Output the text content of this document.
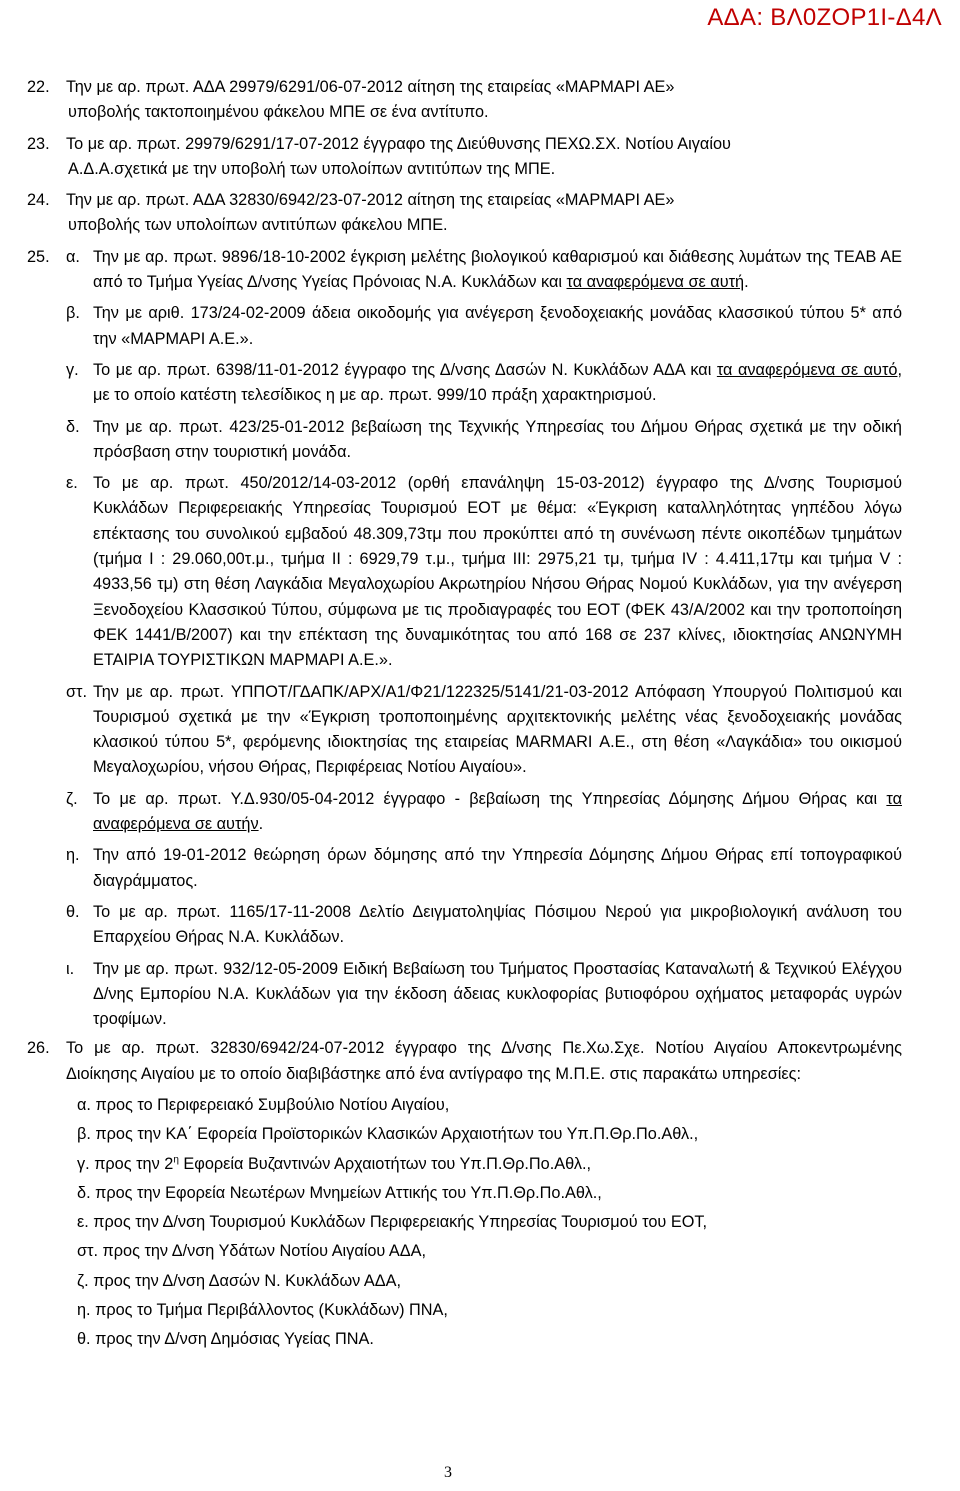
ΑΔΑ: ΒΛ0ΖΟΡ1Ι-Δ4Λ
22. Την με αρ. πρωτ. ΑΔΑ 29979/6291/06-07-2012 αίτηση της εταιρείας «ΜΑΡΜΑΡΙ ΑΕ»
υποβολής τακτοποιημένου φάκελου ΜΠΕ σε ένα αντίτυπο.
23. Το με αρ. πρωτ. 29979/6291/17-07-2012 έγγραφο της Διεύθυνσης ΠΕΧΩ.ΣΧ. Νοτίου Αιγαίου
Α.Δ.Α.σχετικά με την υποβολή των υπολοίπων αντιτύπων της ΜΠΕ.
24. Την με αρ. πρωτ. ΑΔΑ 32830/6942/23-07-2012 αίτηση της εταιρείας «ΜΑΡΜΑΡΙ ΑΕ»
υποβολής των υπολοίπων αντιτύπων φάκελου ΜΠΕ.
25.	α. Την με αρ. πρωτ. 9896/18-10-2002 έγκριση μελέτης βιολογικού καθαρισμού και διάθεσης λυμάτων της ΤΕΑΒ ΑΕ από το Τμήμα Υγείας Δ/νσης Υγείας Πρόνοιας Ν.Α. Κυκλάδων και τα αναφερόμενα σε αυτή.
β. Την με αριθ. 173/24-02-2009 άδεια οικοδομής για ανέγερση ξενοδοχειακής μονάδας κλασσικού τύπου 5* από την «ΜΑΡΜΑΡΙ Α.Ε.».
γ. Το με αρ. πρωτ. 6398/11-01-2012 έγγραφο της Δ/νσης Δασών Ν. Κυκλάδων ΑΔΑ και τα αναφερόμενα σε αυτό, με το οποίο κατέστη τελεσίδικος η με αρ. πρωτ. 999/10 πράξη χαρακτηρισμού.
δ. Την με αρ. πρωτ. 423/25-01-2012 βεβαίωση της Τεχνικής Υπηρεσίας του Δήμου Θήρας σχετικά με την οδική πρόσβαση στην τουριστική μονάδα.
ε. Το με αρ. πρωτ. 450/2012/14-03-2012 (ορθή επανάληψη 15-03-2012) έγγραφο της Δ/νσης Τουρισμού Κυκλάδων Περιφερειακής Υπηρεσίας Τουρισμού ΕΟΤ με θέμα: «Έγκριση καταλληλότητας γηπέδου λόγω επέκτασης του συνολικού εμβαδού 48.309,73τμ που προκύπτει από τη συνένωση πέντε οικοπέδων τμημάτων (τμήμα Ι : 29.060,00τ.μ., τμήμα ΙΙ : 6929,79 τ.μ., τμήμα ΙΙΙ: 2975,21 τμ, τμήμα IV : 4.411,17τμ και τμήμα V : 4933,56 τμ) στη θέση Λαγκάδια Μεγαλοχωρίου Ακρωτηρίου Νήσου Θήρας Νομού Κυκλάδων, για την ανέγερση Ξενοδοχείου Κλασσικού Τύπου, σύμφωνα με τις προδιαγραφές του ΕΟΤ (ΦΕΚ 43/Α/2002 και την τροποποίηση ΦΕΚ 1441/Β/2007) και την επέκταση της δυναμικότητας του από 168 σε 237 κλίνες, ιδιοκτησίας ΑΝΩΝΥΜΗ ΕΤΑΙΡΙΑ ΤΟΥΡΙΣΤΙΚΩΝ ΜΑΡΜΑΡΙ Α.Ε.».
στ. Την με αρ. πρωτ. ΥΠΠΟΤ/ΓΔΑΠΚ/ΑΡΧ/Α1/Φ21/122325/5141/21-03-2012 Απόφαση Υπουργού Πολιτισμού και Τουρισμού σχετικά με την «Έγκριση τροποποιημένης αρχιτεκτονικής μελέτης νέας ξενοδοχειακής μονάδας κλασικού τύπου 5*, φερόμενης ιδιοκτησίας της εταιρείας MARMARI Α.Ε., στη θέση «Λαγκάδια» του οικισμού Μεγαλοχωρίου, νήσου Θήρας, Περιφέρειας Νοτίου Αιγαίου».
ζ. Το με αρ. πρωτ. Υ.Δ.930/05-04-2012 έγγραφο - βεβαίωση της Υπηρεσίας Δόμησης Δήμου Θήρας και τα αναφερόμενα σε αυτήν.
η. Την από 19-01-2012 θεώρηση όρων δόμησης από την Υπηρεσία Δόμησης Δήμου Θήρας επί τοπογραφικού διαγράμματος.
θ. Το με αρ. πρωτ. 1165/17-11-2008 Δελτίο Δειγματοληψίας Πόσιμου Νερού για μικροβιολογική ανάλυση του Επαρχείου Θήρας Ν.Α. Κυκλάδων.
ι.	Την με αρ. πρωτ. 932/12-05-2009 Ειδική Βεβαίωση του Τμήματος Προστασίας Καταναλωτή & Τεχνικού Ελέγχου Δ/νης Εμπορίου Ν.Α. Κυκλάδων για την έκδοση άδειας κυκλοφορίας βυτιοφόρου οχήματος μεταφοράς υγρών τροφίμων.
26.	Το με αρ. πρωτ. 32830/6942/24-07-2012 έγγραφο της Δ/νσης Πε.Χω.Σχε. Νοτίου Αιγαίου Αποκεντρωμένης Διοίκησης Αιγαίου με το οποίο διαβιβάστηκε από ένα αντίγραφο της Μ.Π.Ε. στις παρακάτω υπηρεσίες:
α. προς το Περιφερειακό Συμβούλιο Νοτίου Αιγαίου,
β. προς την ΚΑ΄ Εφορεία Προϊστορικών Κλασικών Αρχαιοτήτων του Υπ.Π.Θρ.Πο.Αθλ.,
γ. προς την $2^\eta$ Εφορεία Βυζαντινών Αρχαιοτήτων του Υπ.Π.Θρ.Πο.Αθλ.,
δ. προς την Εφορεία Νεωτέρων Μνημείων Αττικής του Υπ.Π.Θρ.Πο.Αθλ.,
ε. προς την Δ/νση Τουρισμού Κυκλάδων Περιφερειακής Υπηρεσίας Τουρισμού του ΕΟΤ,
στ. προς την Δ/νση Υδάτων Νοτίου Αιγαίου ΑΔΑ,
ζ. προς την Δ/νση Δασών Ν. Κυκλάδων ΑΔΑ,
η. προς το Τμήμα Περιβάλλοντος (Κυκλάδων) ΠΝΑ,
θ. προς την Δ/νση Δημόσιας Υγείας ΠΝΑ.
3
